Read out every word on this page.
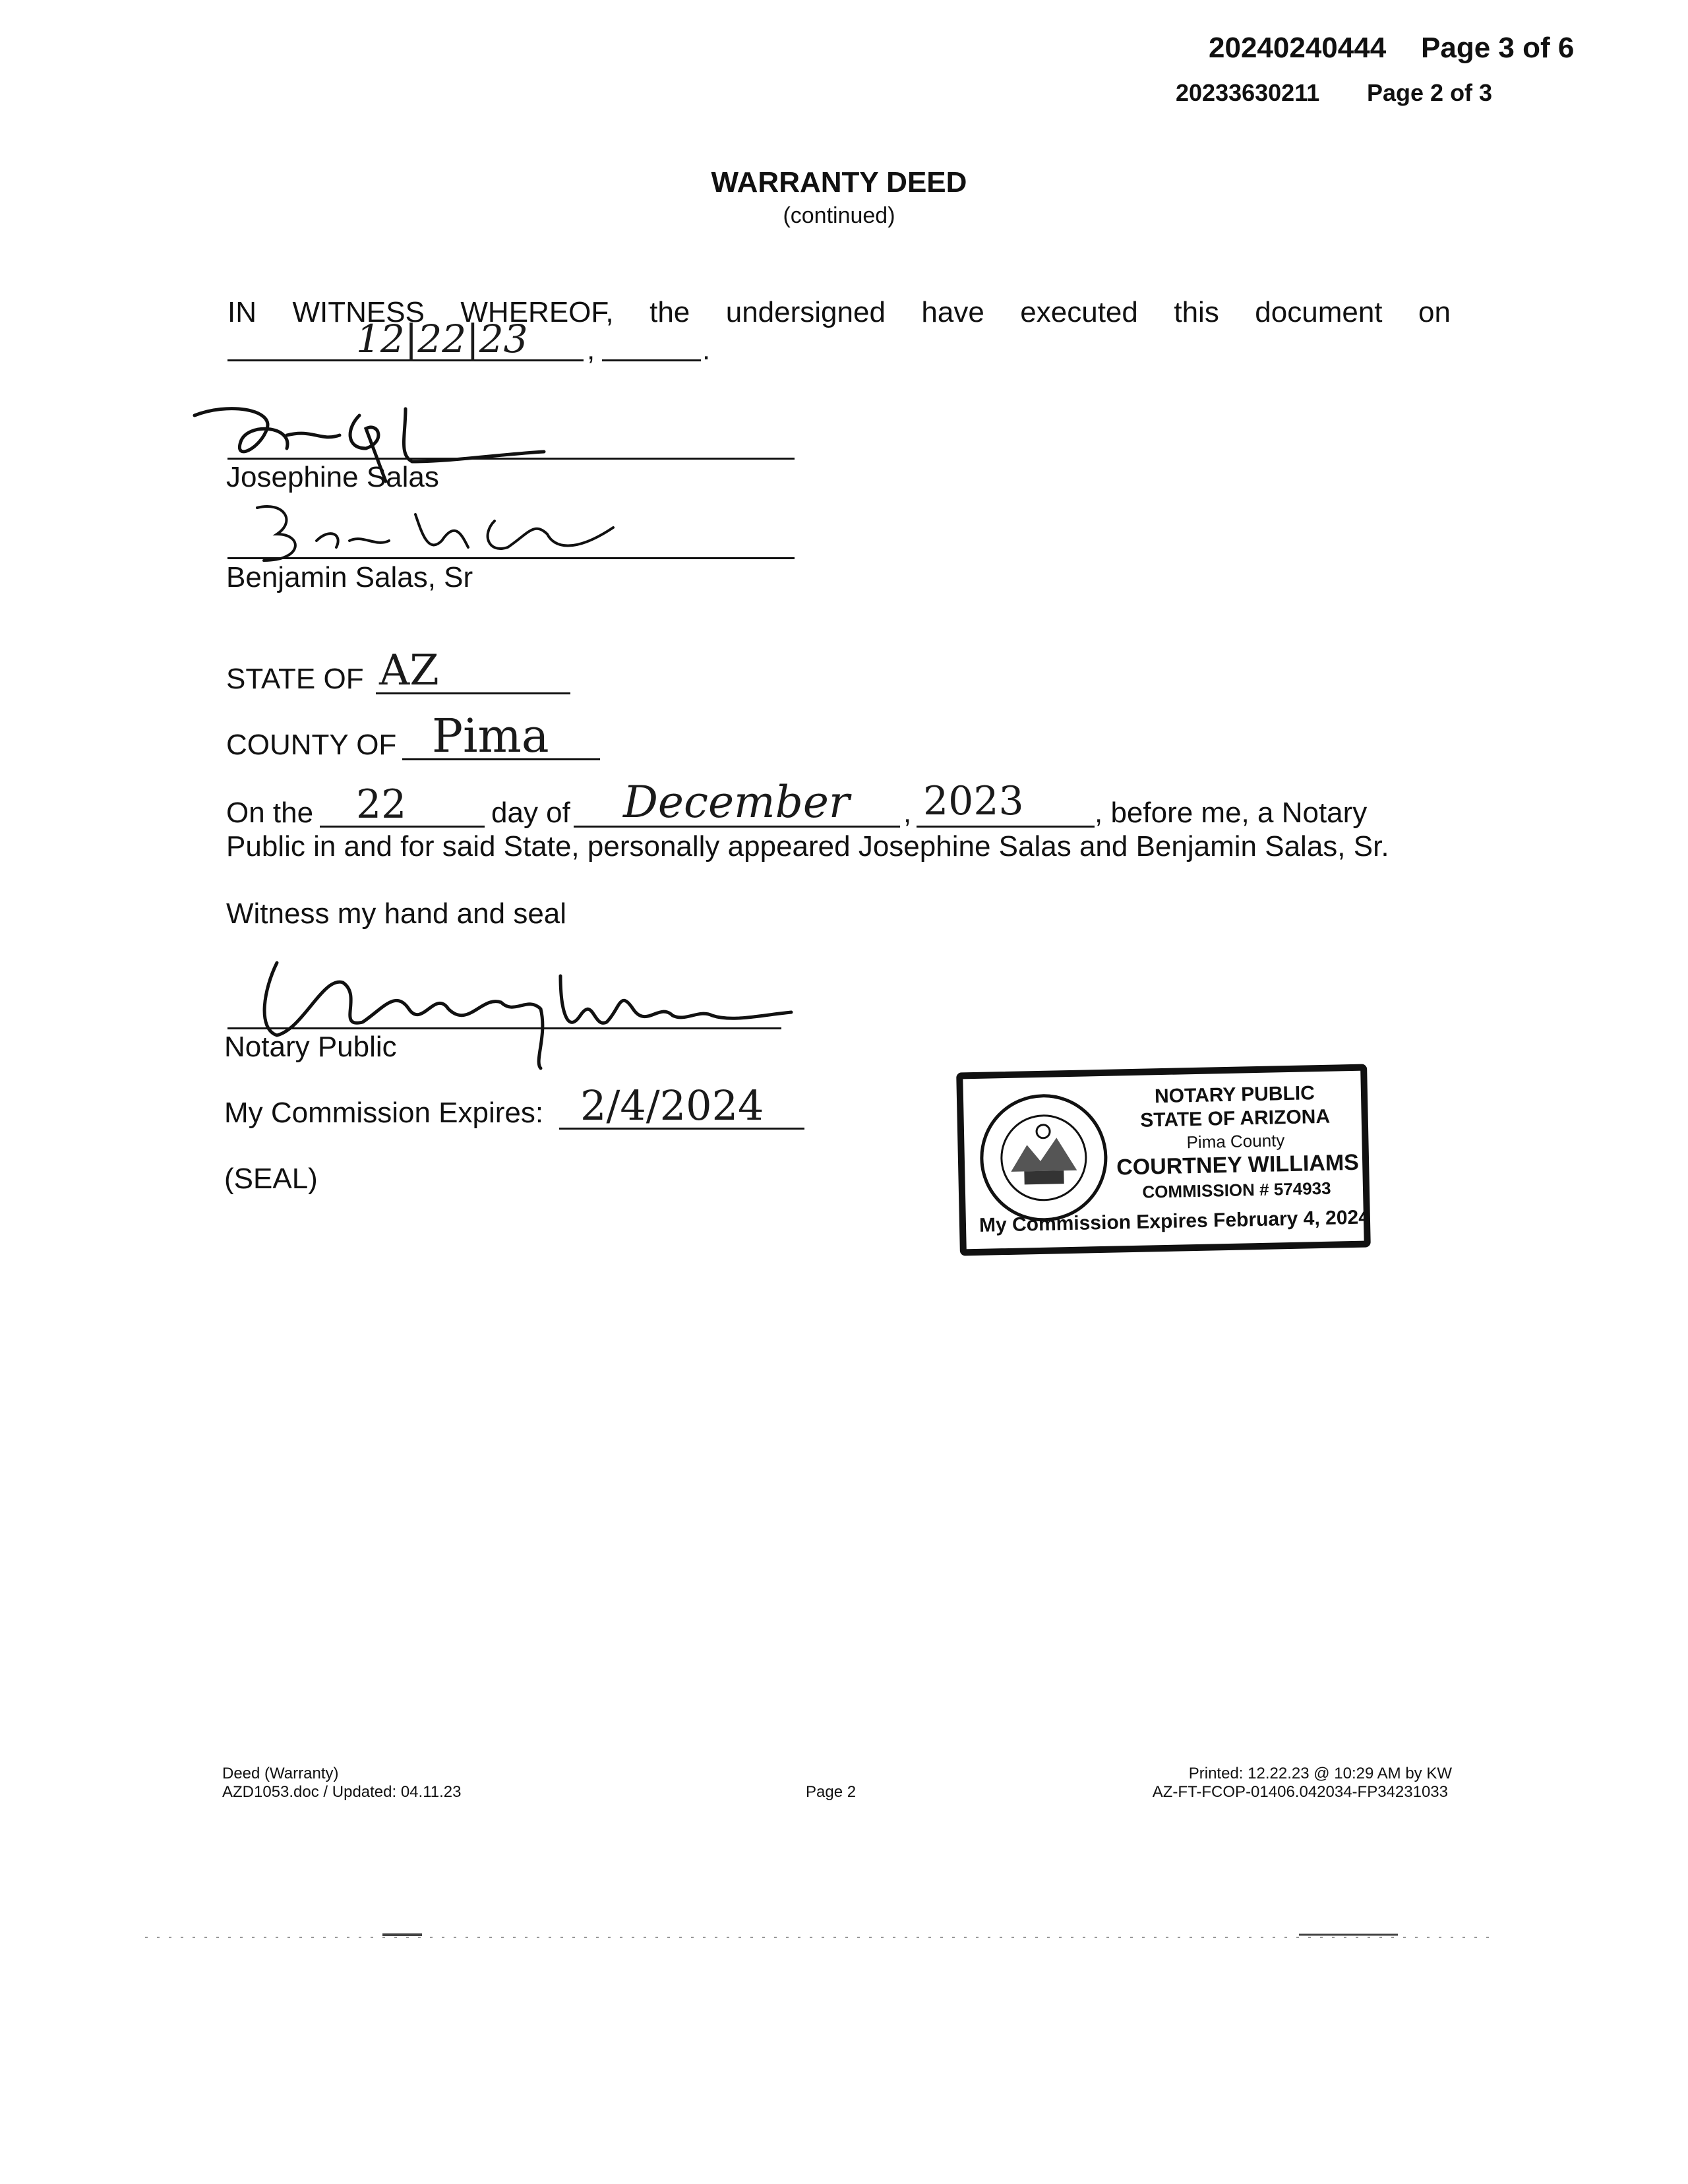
20240240444 Page 3 of 6
20233630211 Page 2 of 3
WARRANTY DEED
(continued)
IN WITNESS WHEREOF, the undersigned have executed this document on
12|22|23 ,	.
Josephine Salas
Benjamin Salas, Sr
STATE OF AZ
COUNTY OF Pima
On the 22	day of December , 2023 , before me, a Notary
Public in and for said State, personally appeared Josephine Salas and Benjamin Salas, Sr.
Witness my hand and seal
Notary Public
My Commission Expires: 2/4/2024
(SEAL)
NOTARY PUBLIC
STATE OF ARIZONA
Pima County
COURTNEY WILLIAMS
COMMISSION # 574933
My Commission Expires February 4, 2024
Deed (Warranty)
AZD1053.doc / Updated: 04.11.23	Page 2
Printed: 12.22.23 @ 10:29 AM by KW
AZ-FT-FCOP-01406.042034-FP34231033
